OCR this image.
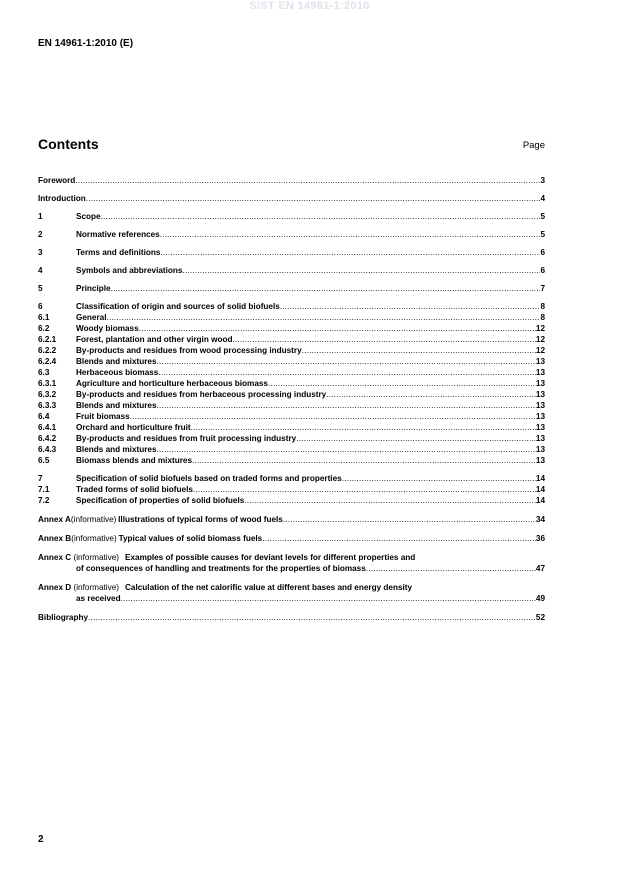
SIST EN 14961-1:2010
EN 14961-1:2010 (E)
Contents	Page
Foreword .....	3
Introduction .....	4
1	Scope .....	5
2	Normative references .....	5
3	Terms and definitions .....	6
4	Symbols and abbreviations .....	6
5	Principle .....	7
6	Classification of origin and sources of solid biofuels .....	8
6.1	General .....	8
6.2	Woody biomass .....	12
6.2.1	Forest, plantation and other virgin wood .....	12
6.2.2	By-products and residues from wood processing industry .....	12
6.2.4	Blends and mixtures .....	13
6.3	Herbaceous biomass .....	13
6.3.1	Agriculture and horticulture herbaceous biomass .....	13
6.3.2	By-products and residues from herbaceous processing industry .....	13
6.3.3	Blends and mixtures .....	13
6.4	Fruit biomass .....	13
6.4.1	Orchard and horticulture fruit .....	13
6.4.2	By-products and residues from fruit processing industry .....	13
6.4.3	Blends and mixtures .....	13
6.5	Biomass blends and mixtures .....	13
7	Specification of solid biofuels based on traded forms and properties .....	14
7.1	Traded forms of solid biofuels .....	14
7.2	Specification of properties of solid biofuels .....	14
Annex A (informative) Illustrations of typical forms of wood fuels .....	34
Annex B (informative) Typical values of solid biomass fuels .....	36
Annex C (informative) Examples of possible causes for deviant levels for different properties and
of consequences of handling and treatments for the properties of biomass .....	47
Annex D (informative) Calculation of the net calorific value at different bases and energy density
as received .....	49
Bibliography .....	52
2
